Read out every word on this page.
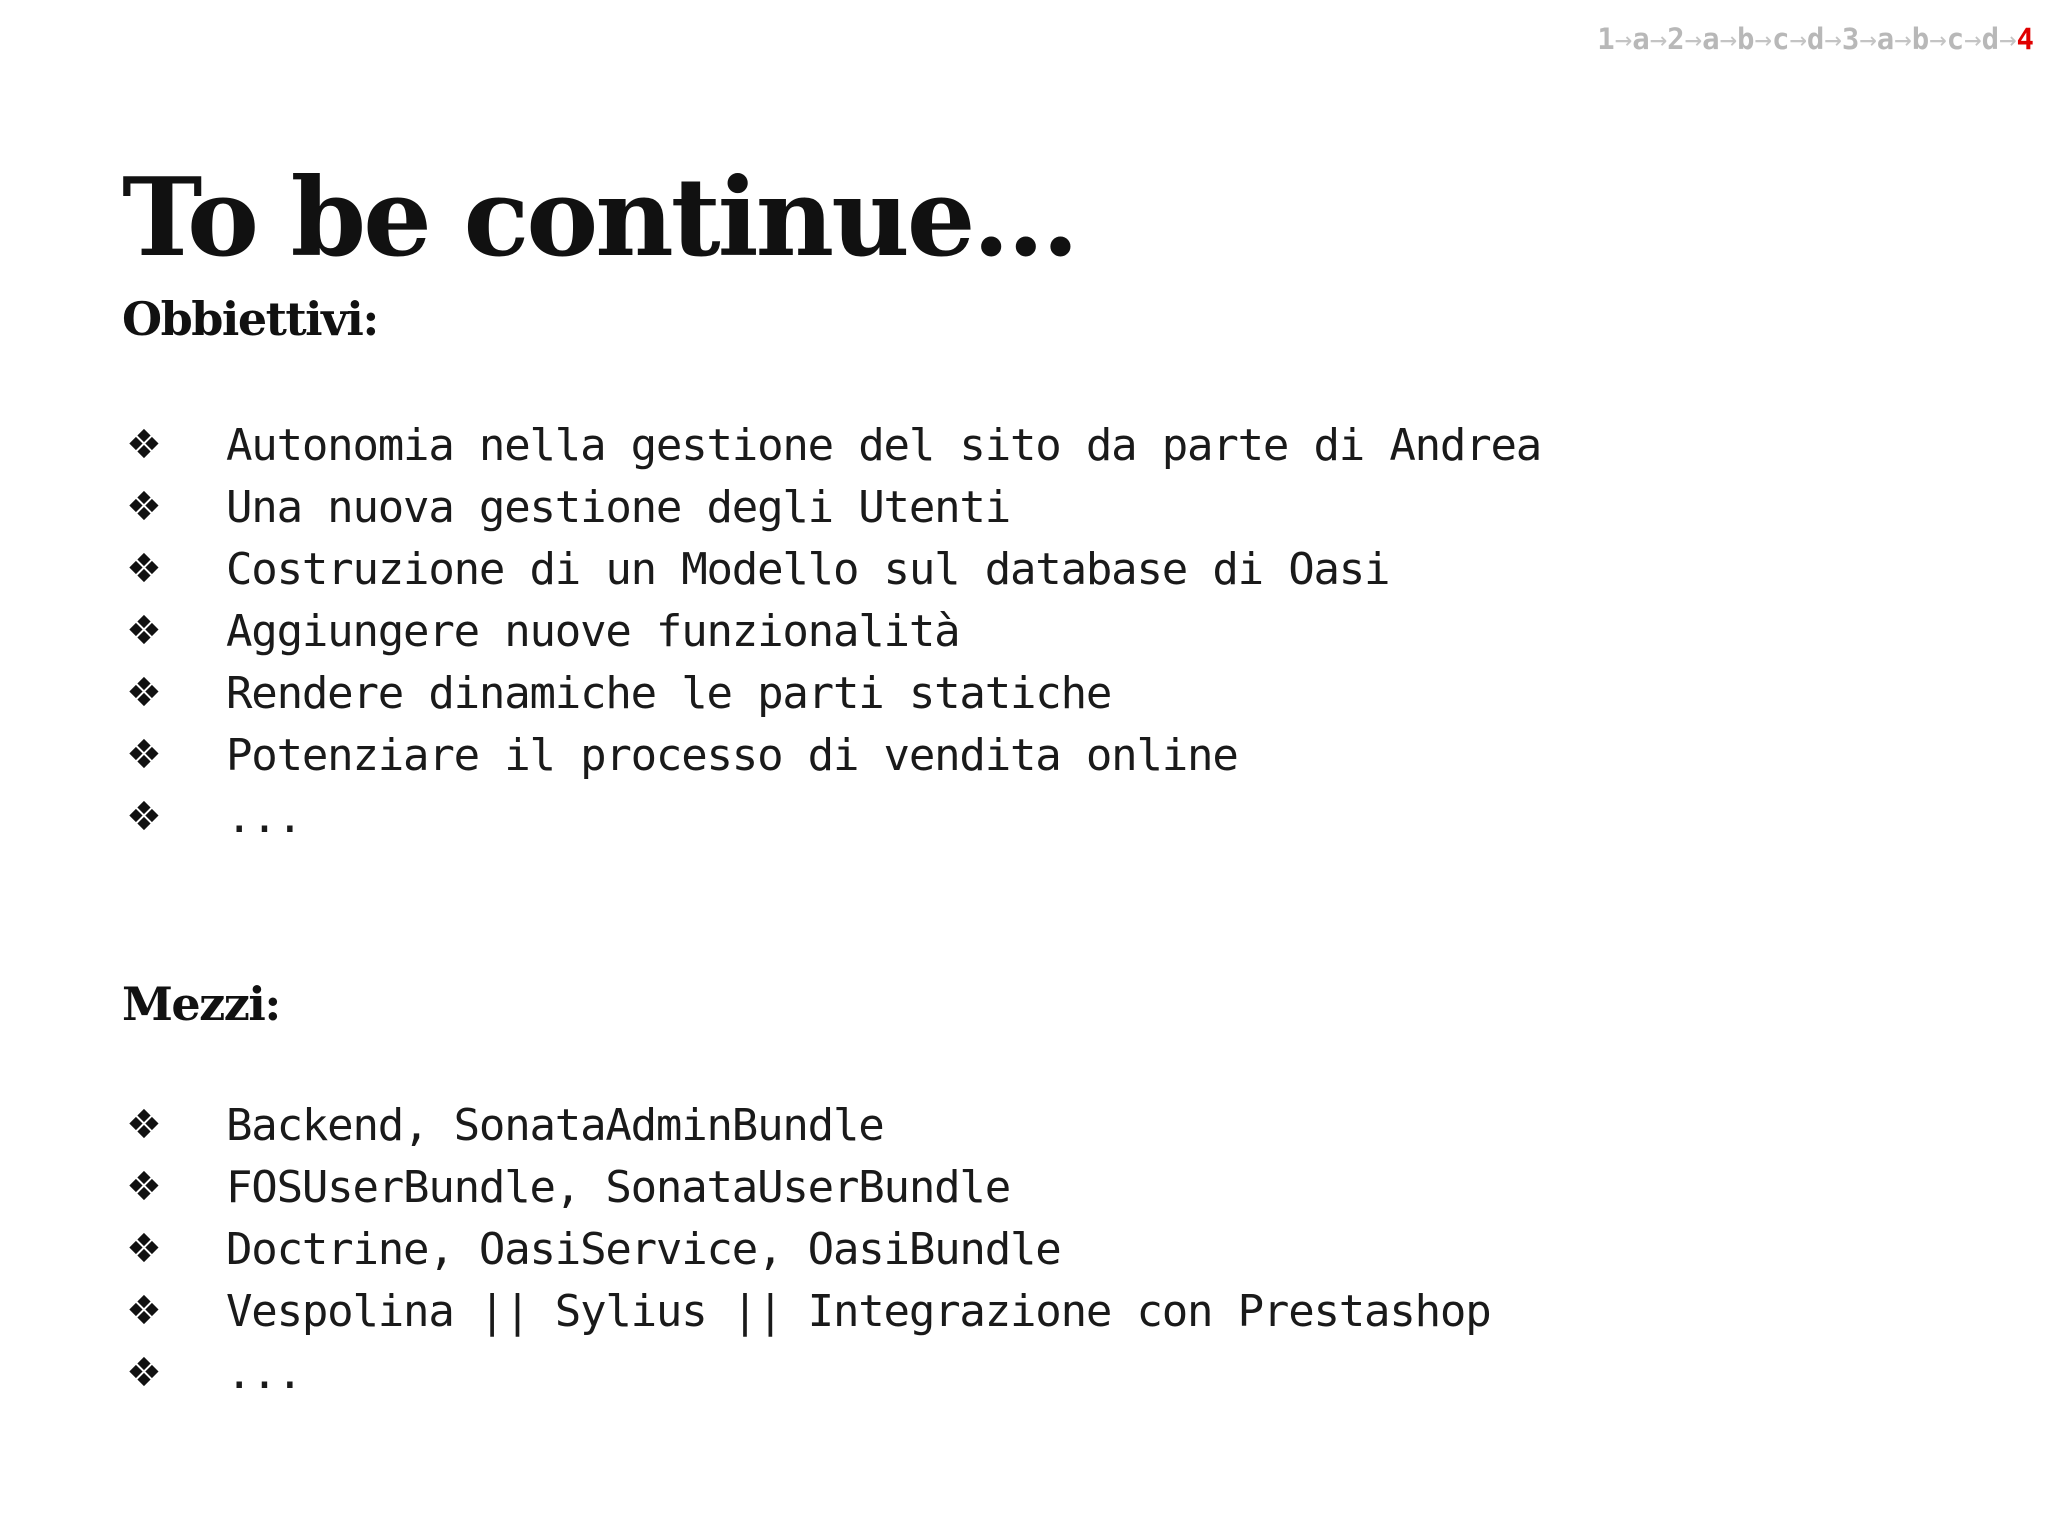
1→a→2→a→b→c→d→3→a→b→c→d→4
To be continue...
Obbiettivi:
❖	Autonomia nella gestione del sito da parte di Andrea
❖	Una nuova gestione degli Utenti
❖	Costruzione di un Modello sul database di Oasi
❖	Aggiungere nuove funzionalità
❖	Rendere dinamiche le parti statiche
❖	Potenziare il processo di vendita online
❖	...
Mezzi:
❖	Backend, SonataAdminBundle
❖	FOSUserBundle, SonataUserBundle
❖	Doctrine, OasiService, OasiBundle
❖	Vespolina || Sylius || Integrazione con Prestashop
❖	...
